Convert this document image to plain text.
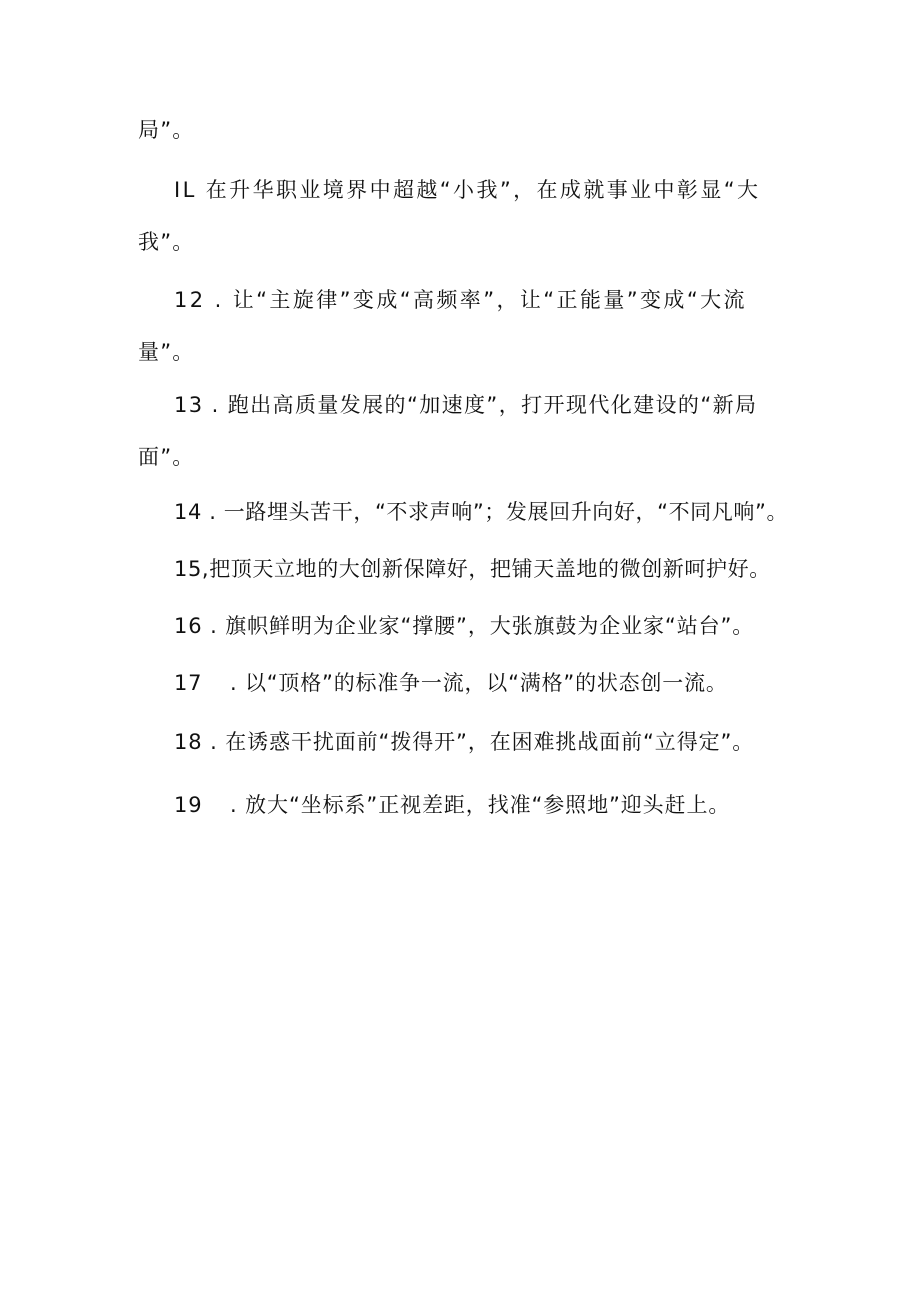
局”。
IL 在升华职业境界中超越“小我”，在成就事业中彰显“大
我”。
12 . 让“主旋律”变成“高频率”，让“正能量”变成“大流
量”。
13 . 跑出高质量发展的“加速度”，打开现代化建设的“新局
面”。
14 . 一路埋头苦干，“不求声响”；发展回升向好，“不同凡响”。
15,把顶天立地的大创新保障好，把铺天盖地的微创新呵护好。
16 . 旗帜鲜明为企业家“撑腰”，大张旗鼓为企业家“站台”。
17 . 以“顶格”的标准争一流，以“满格”的状态创一流。
18 . 在诱惑干扰面前“拨得开”，在困难挑战面前“立得定”。
19 . 放大“坐标系”正视差距，找准“参照地”迎头赶上。
